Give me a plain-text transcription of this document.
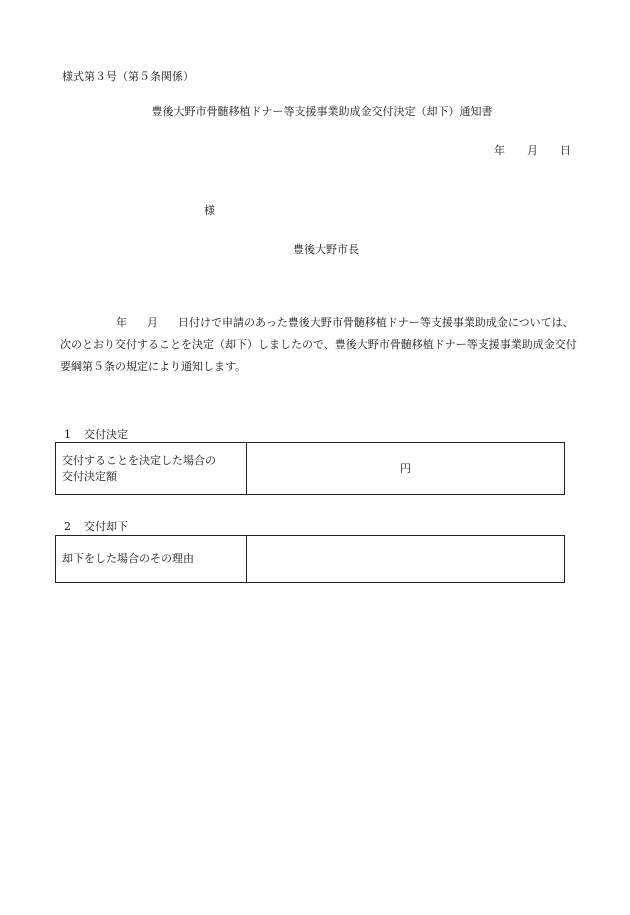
様式第３号（第５条関係）
豊後大野市骨髄移植ドナー等支援事業助成金交付決定（却下）通知書
年 月 日
様
豊後大野市長
年 月 日付けで申請のあった豊後大野市骨髄移植ドナー等支援事業助成金については、次のとおり交付することを決定（却下）しましたので、豊後大野市骨髄移植ドナー等支援事業助成金交付要綱第５条の規定により通知します。
1 交付決定
交付することを決定した場合の
交付決定額
	円
2 交付却下
却下をした場合のその理由	
